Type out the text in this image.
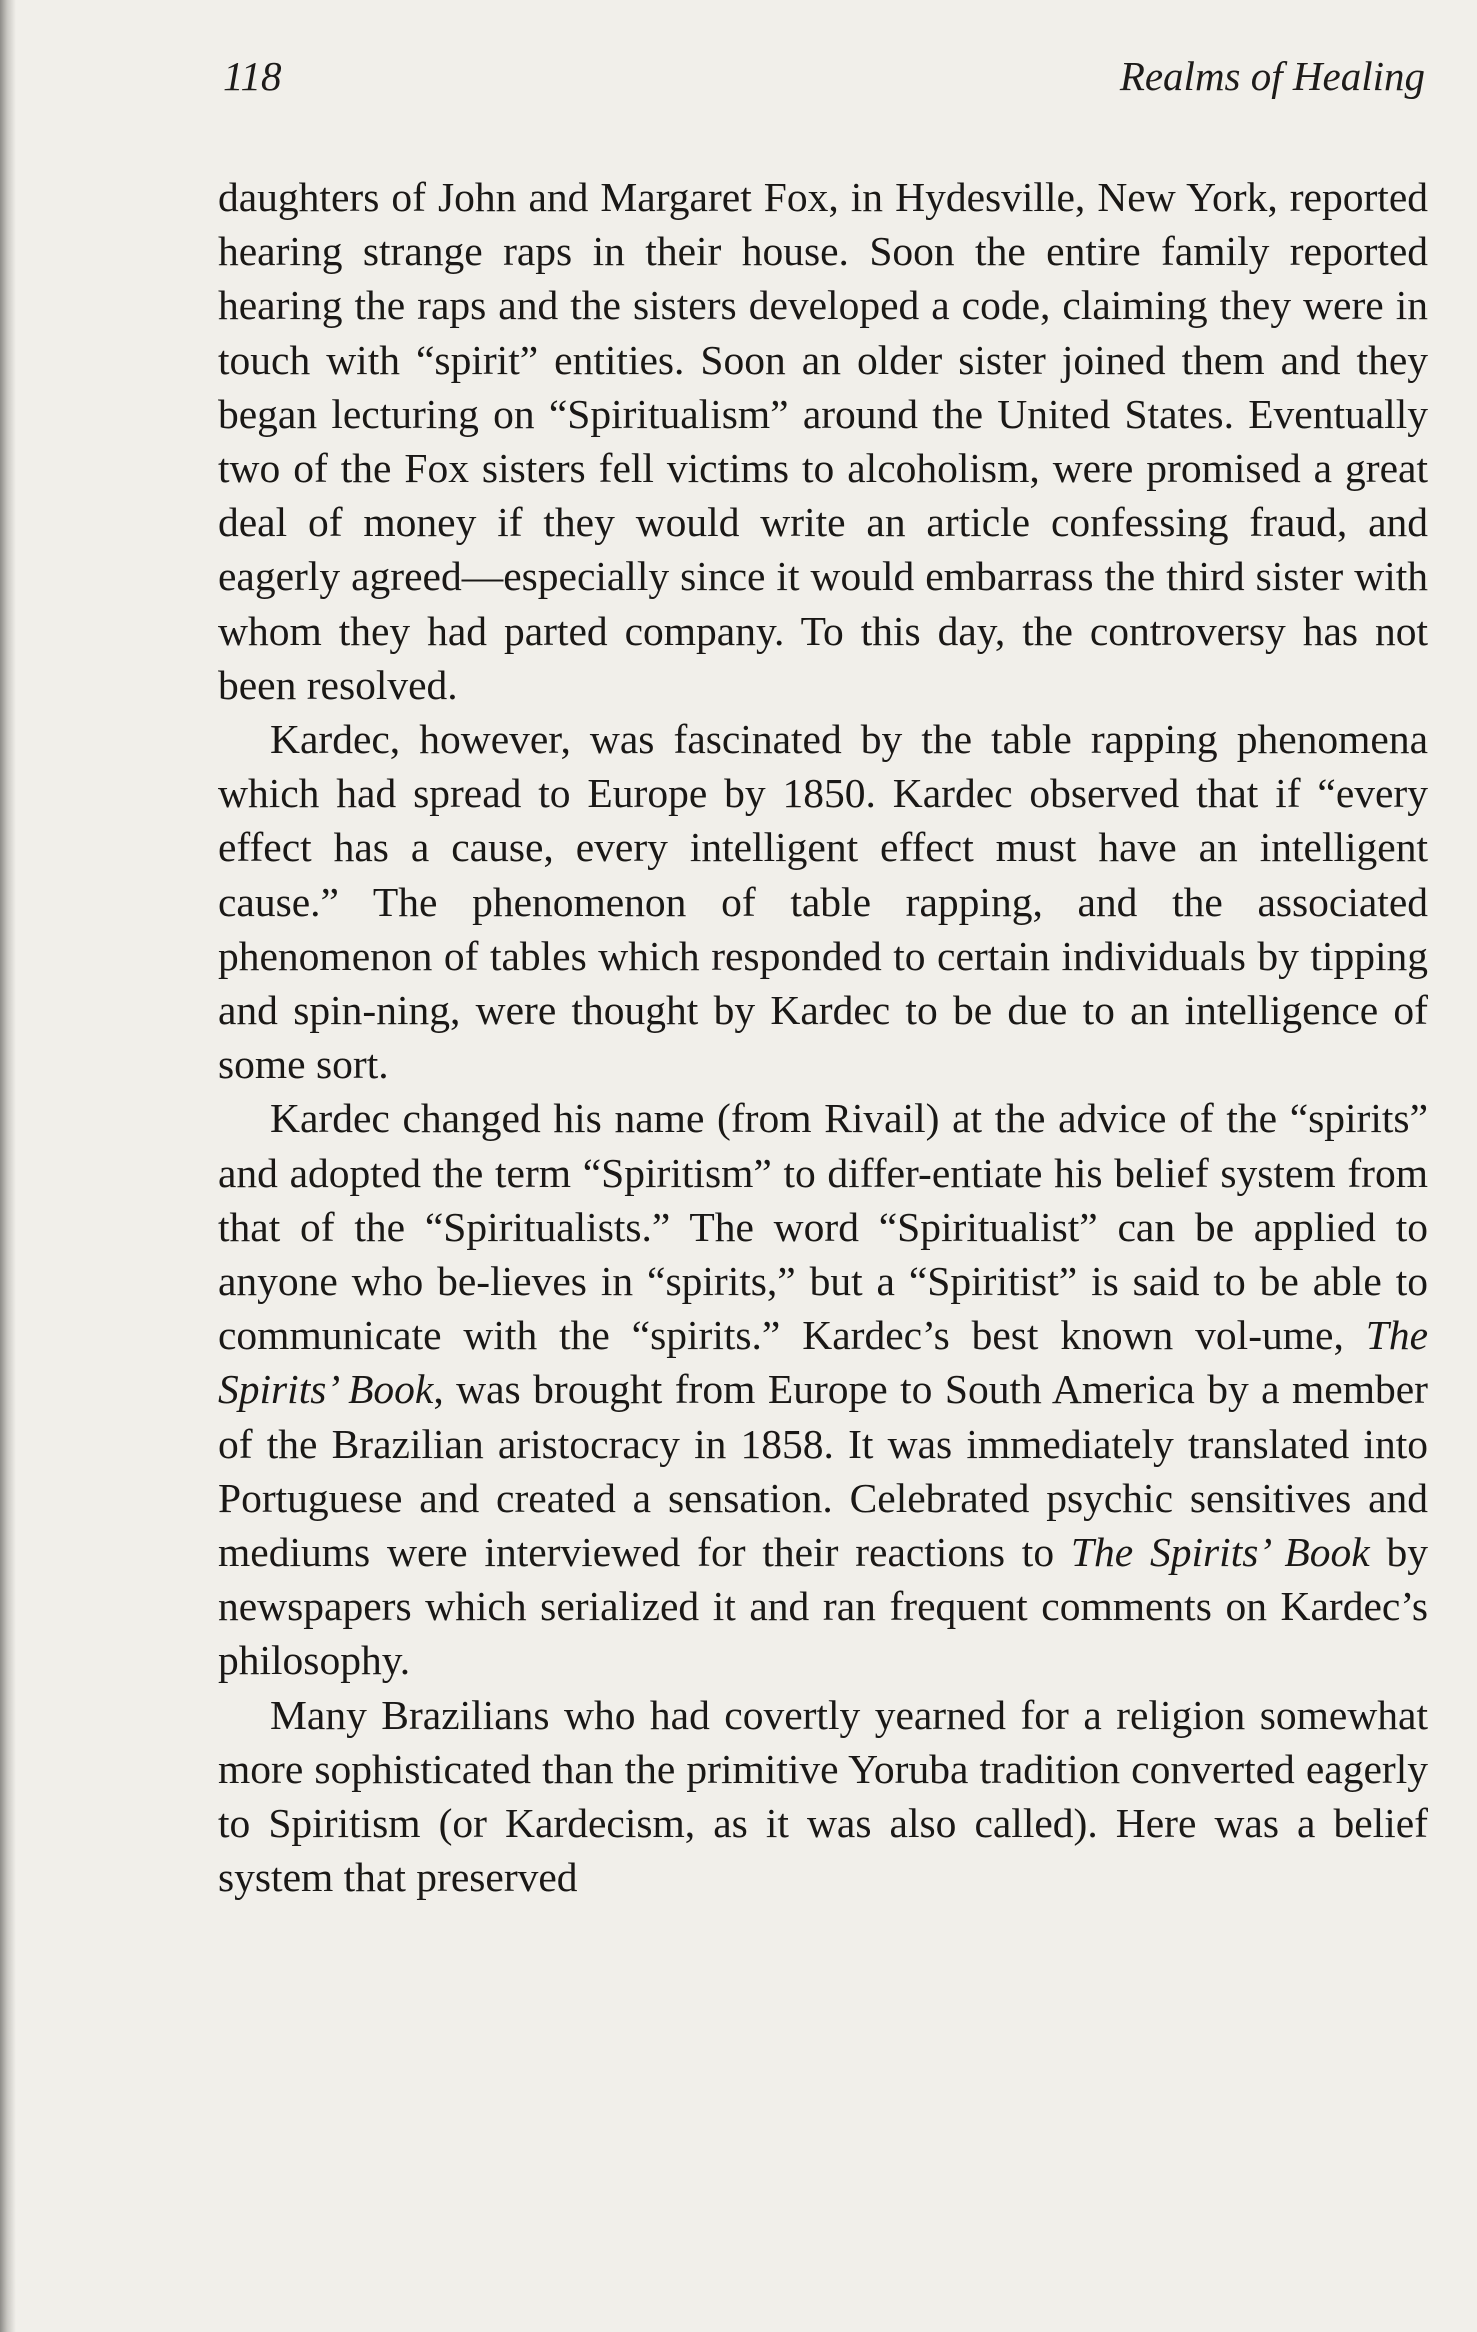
118	Realms of Healing

daughters of John and Margaret Fox, in Hydesville, New York, reported hearing strange raps in their house. Soon the entire family reported hearing the raps and the sisters developed a code, claiming they were in touch with “spirit” entities. Soon an older sister joined them and they began lecturing on “Spiritualism” around the United States. Eventually two of the Fox sisters fell victims to alcoholism, were promised a great deal of money if they would write an article confessing fraud, and eagerly agreed—especially since it would embarrass the third sister with whom they had parted company. To this day, the controversy has not been resolved.

Kardec, however, was fascinated by the table rapping phenomena which had spread to Europe by 1850. Kardec observed that if “every effect has a cause, every intelligent effect must have an intelligent cause.” The phenomenon of table rapping, and the associated phenomenon of tables which responded to certain individuals by tipping and spin-ning, were thought by Kardec to be due to an intelligence of some sort.

Kardec changed his name (from Rivail) at the advice of the “spirits” and adopted the term “Spiritism” to differ-entiate his belief system from that of the “Spiritualists.” The word “Spiritualist” can be applied to anyone who be-lieves in “spirits,” but a “Spiritist” is said to be able to communicate with the “spirits.” Kardec’s best known vol-ume, The Spirits’ Book, was brought from Europe to South America by a member of the Brazilian aristocracy in 1858. It was immediately translated into Portuguese and created a sensation. Celebrated psychic sensitives and mediums were interviewed for their reactions to The Spirits’ Book by newspapers which serialized it and ran frequent comments on Kardec’s philosophy.

Many Brazilians who had covertly yearned for a religion somewhat more sophisticated than the primitive Yoruba tradition converted eagerly to Spiritism (or Kardecism, as it was also called). Here was a belief system that preserved
